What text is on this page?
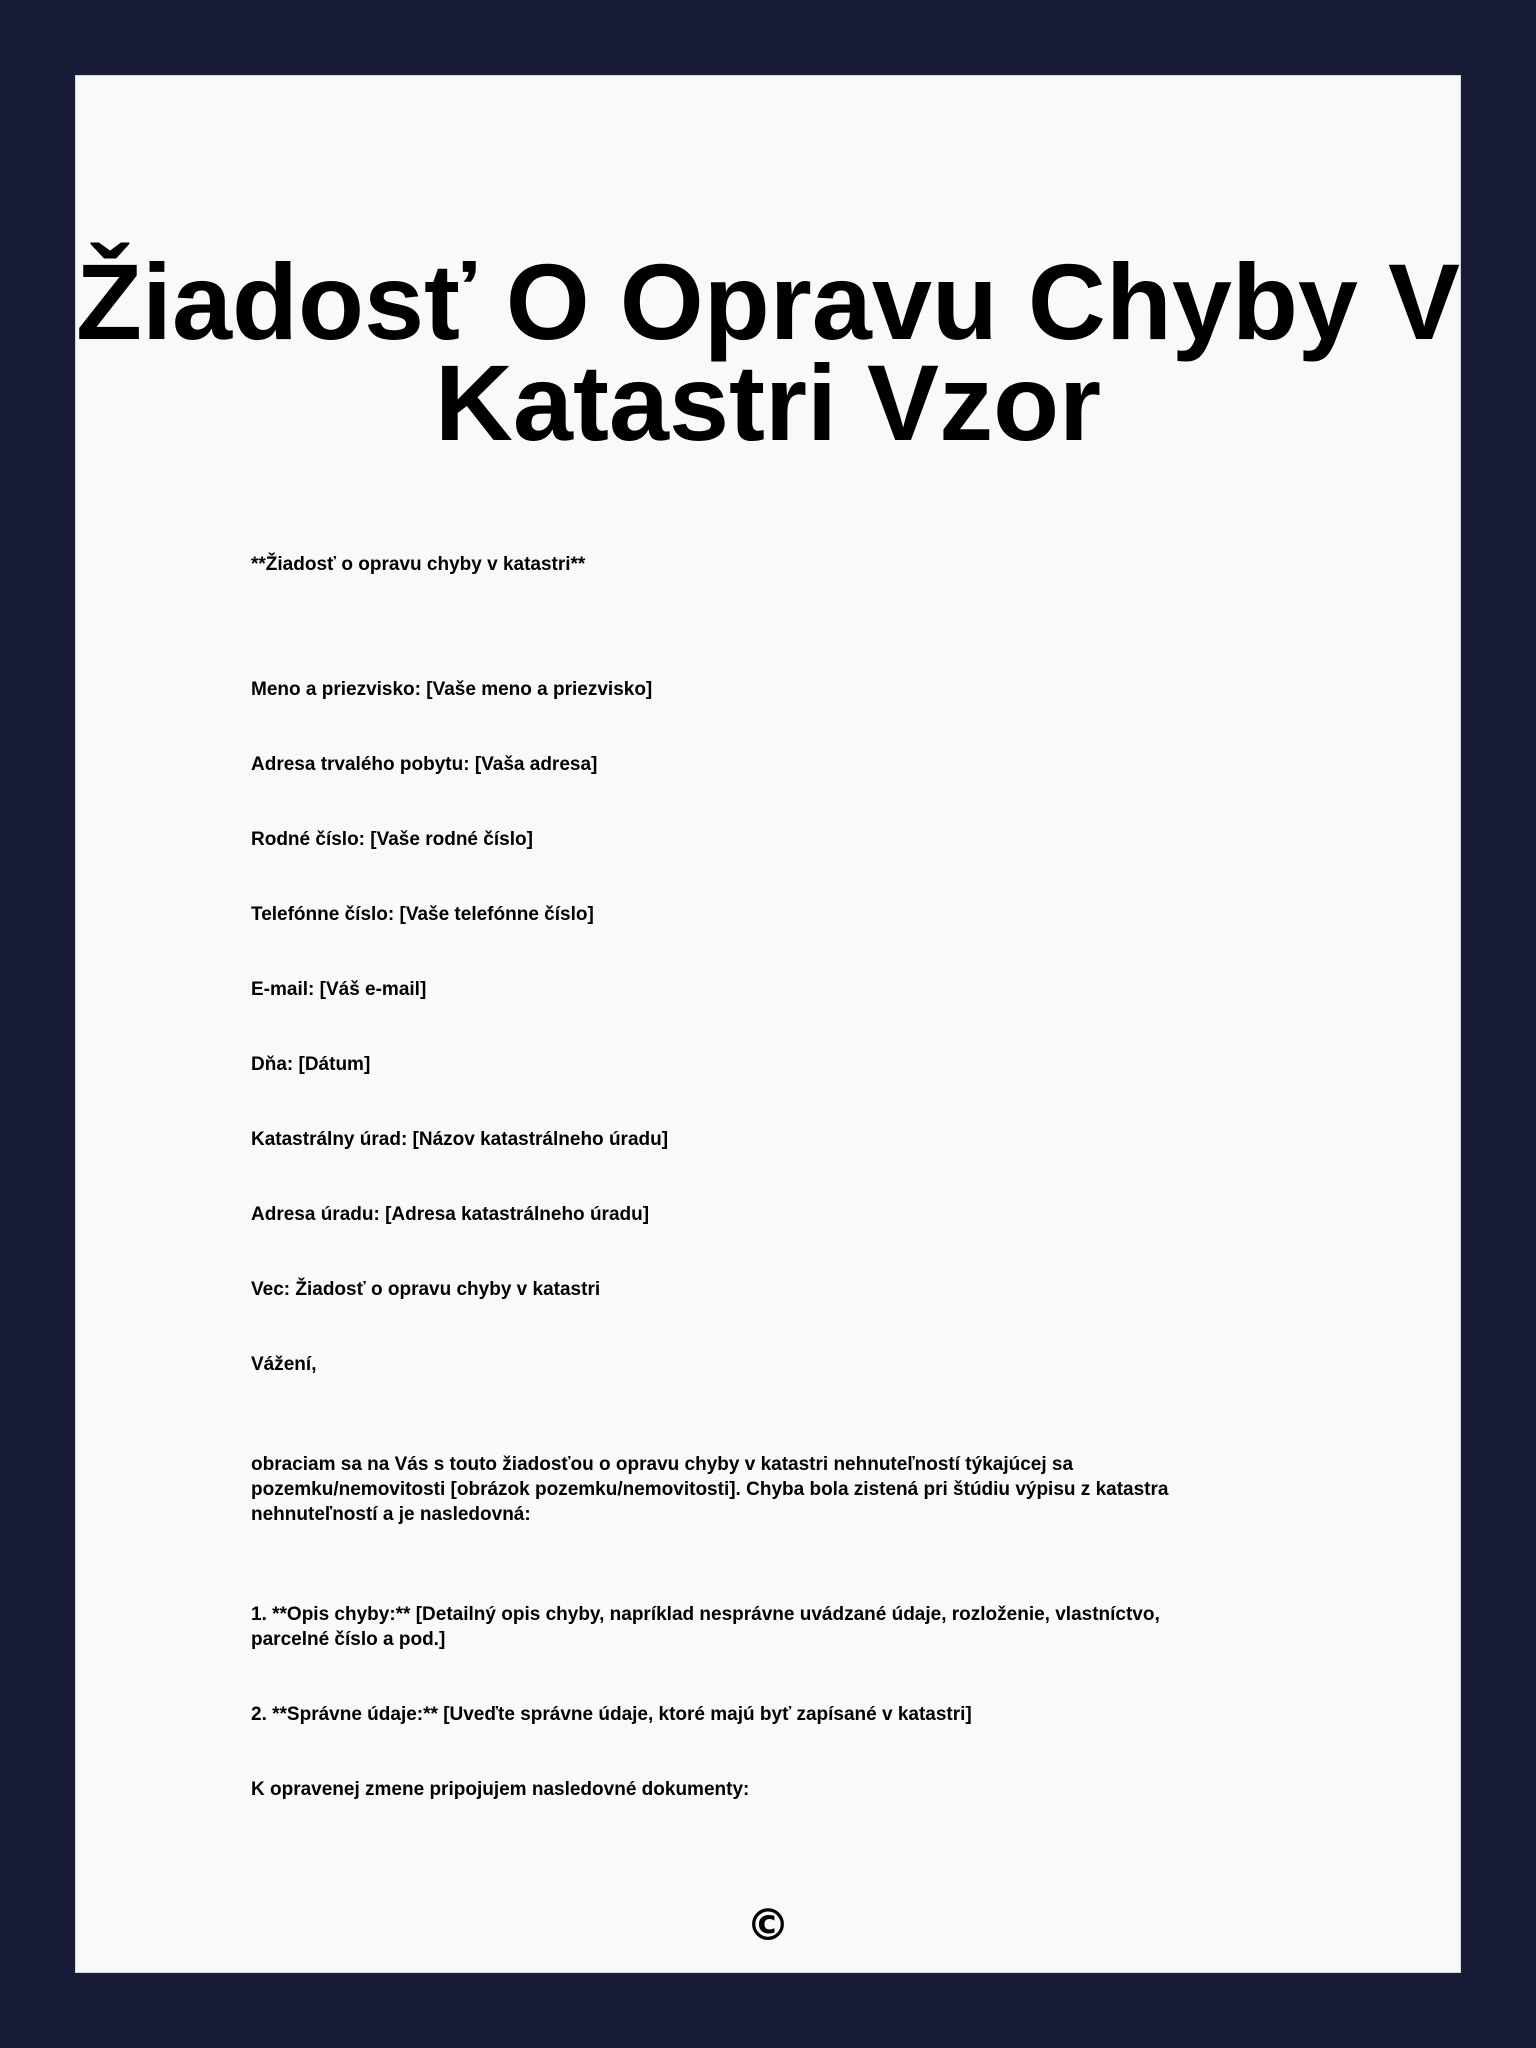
Žiadosť O Opravu Chyby V Katastri Vzor

**Žiadosť o opravu chyby v katastri**

Meno a priezvisko: [Vaše meno a priezvisko]

Adresa trvalého pobytu: [Vaša adresa]

Rodné číslo: [Vaše rodné číslo]

Telefónne číslo: [Vaše telefónne číslo]

E-mail: [Váš e-mail]

Dňa: [Dátum]

Katastrálny úrad: [Názov katastrálneho úradu]

Adresa úradu: [Adresa katastrálneho úradu]

Vec: Žiadosť o opravu chyby v katastri

Vážení,

obraciam sa na Vás s touto žiadosťou o opravu chyby v katastri nehnuteľností týkajúcej sa

pozemku/nemovitosti [obrázok pozemku/nemovitosti]. Chyba bola zistená pri štúdiu výpisu z katastra

nehnuteľností a je nasledovná:

1. **Opis chyby:** [Detailný opis chyby, napríklad nesprávne uvádzané údaje, rozloženie, vlastníctvo,

parcelné číslo a pod.]

2. **Správne údaje:** [Uveďte správne údaje, ktoré majú byť zapísané v katastri]

K opravenej zmene pripojujem nasledovné dokumenty:

©
